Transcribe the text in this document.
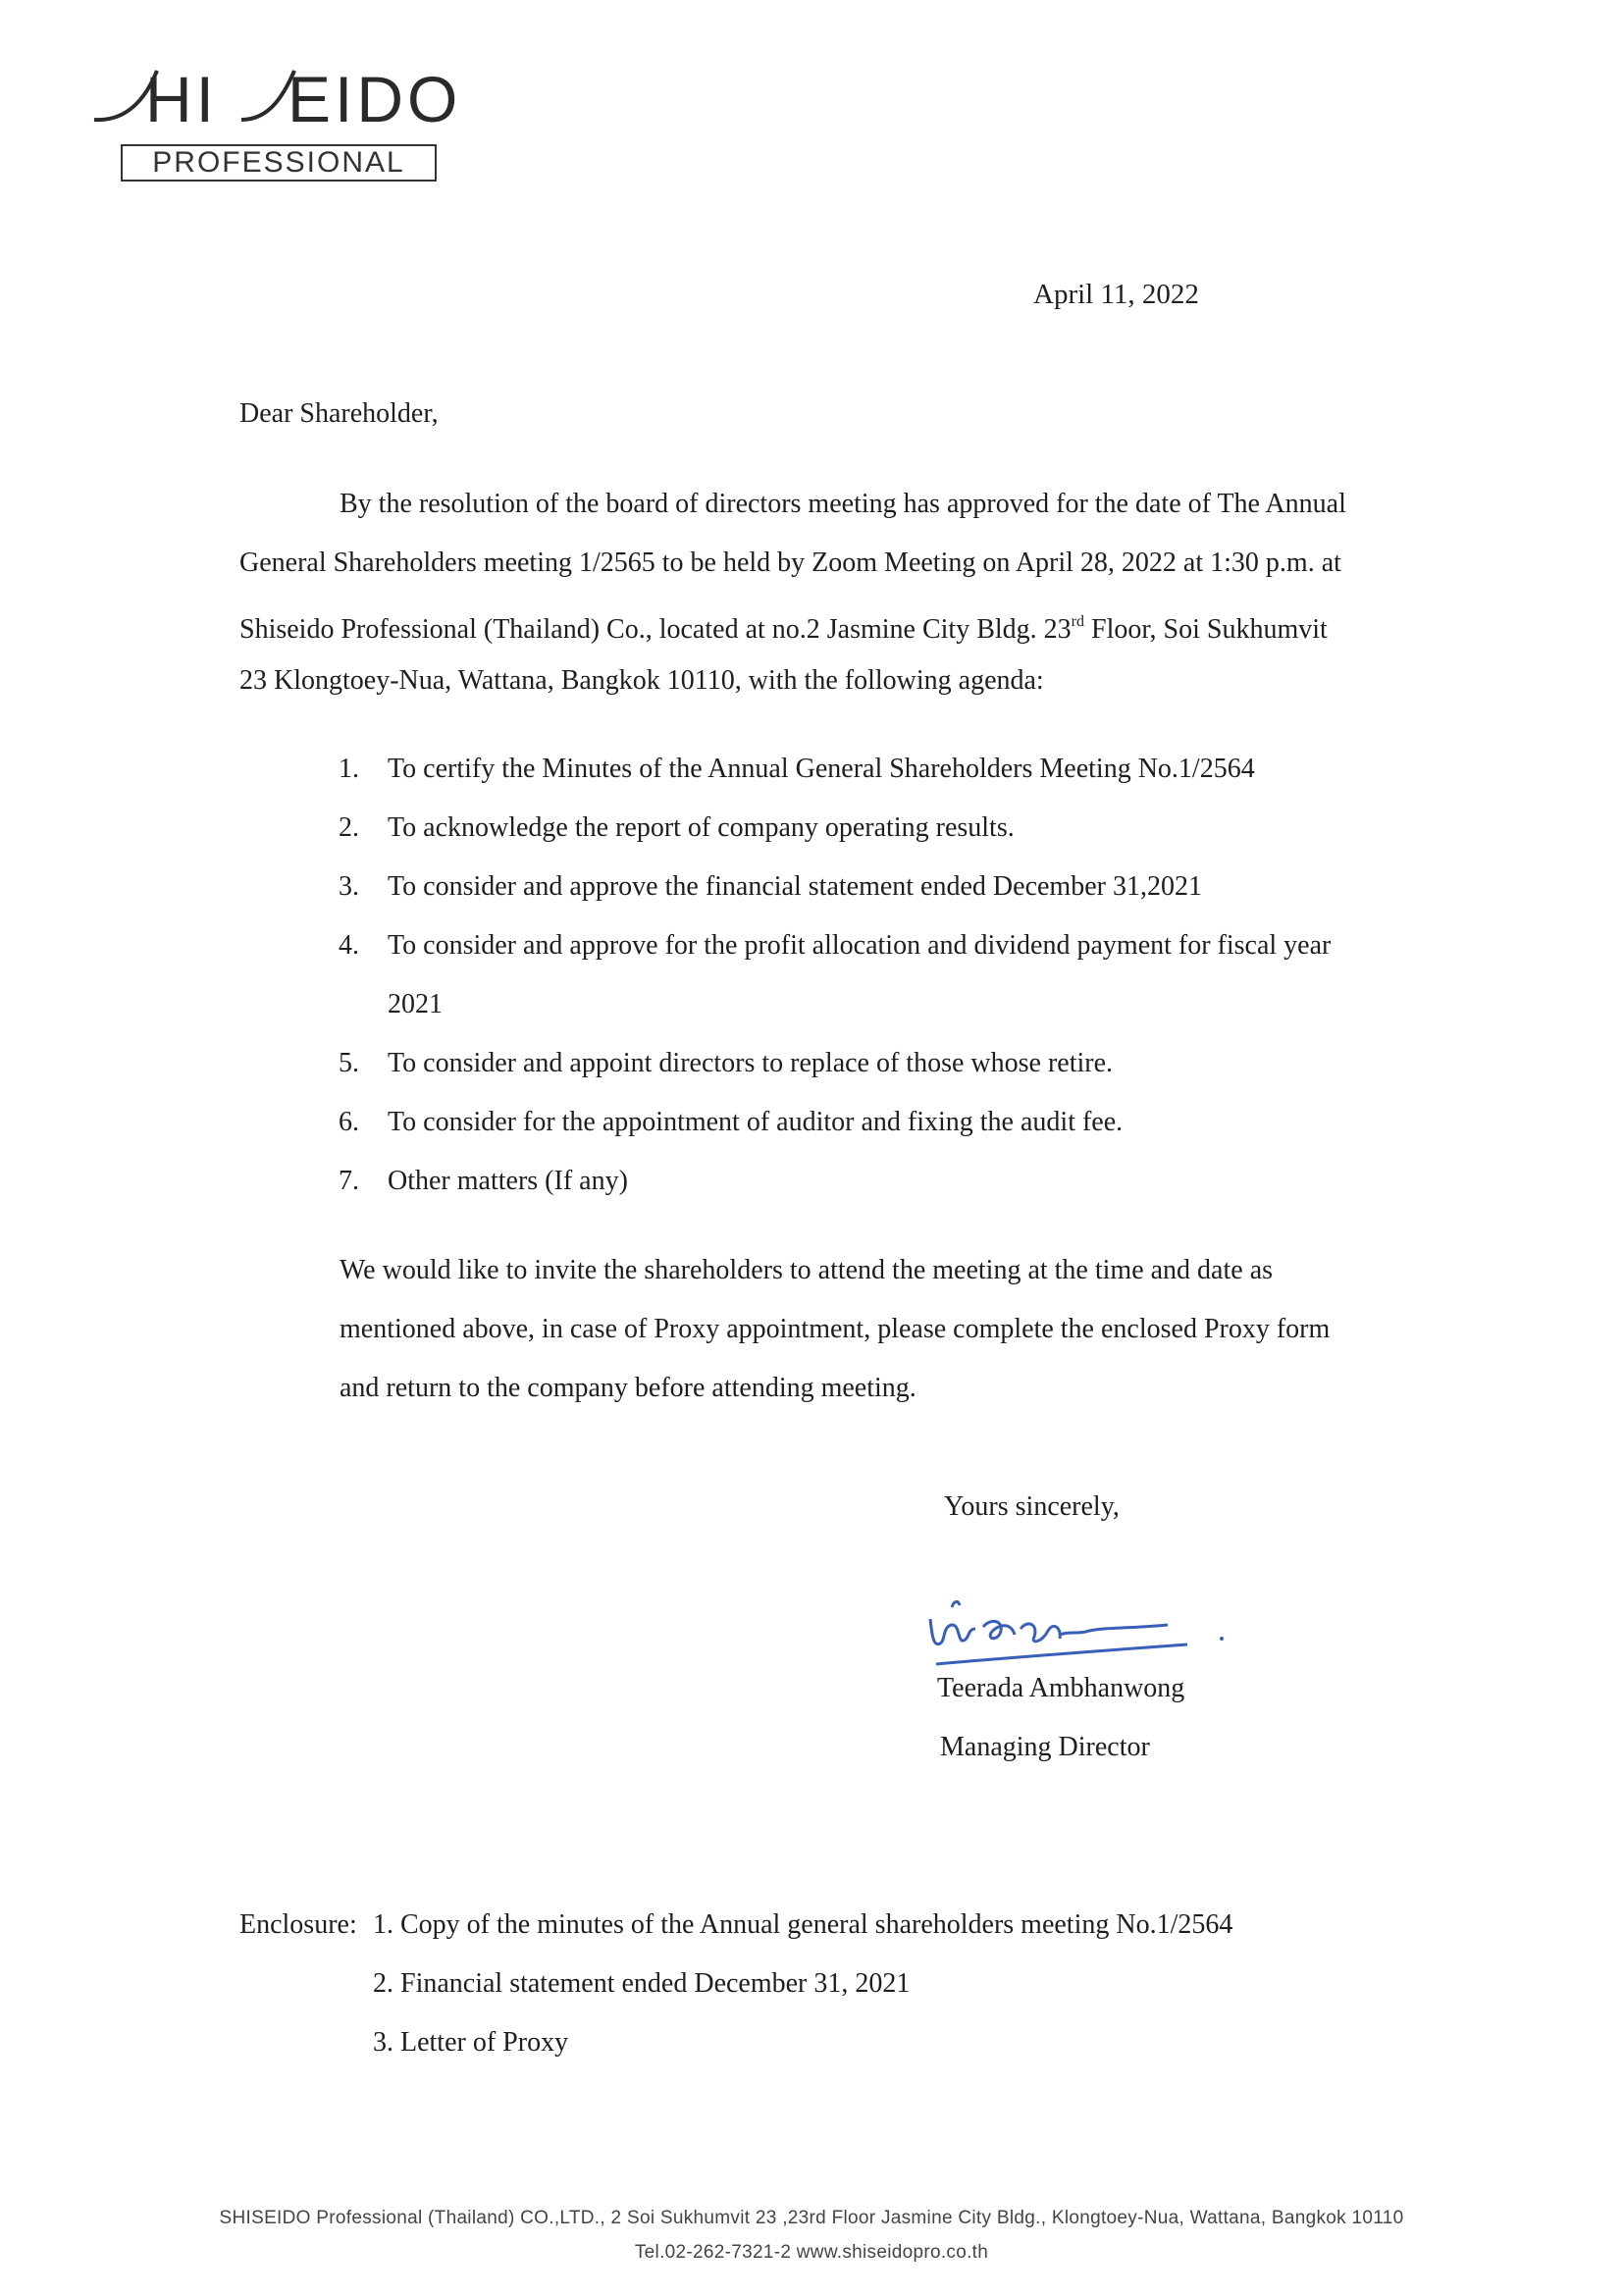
HI EIDO
PROFESSIONAL
April 11, 2022
Dear Shareholder,
By the resolution of the board of directors meeting has approved for the date of The Annual
General Shareholders meeting 1/2565 to be held by Zoom Meeting on April 28, 2022 at 1:30 p.m. at
Shiseido Professional (Thailand) Co., located at no.2 Jasmine City Bldg. 23rd Floor, Soi Sukhumvit
23 Klongtoey-Nua, Wattana, Bangkok 10110, with the following agenda:
1.	To certify the Minutes of the Annual General Shareholders Meeting No.1/2564
2.	To acknowledge the report of company operating results.
3.	To consider and approve the financial statement ended December 31,2021
4.	To consider and approve for the profit allocation and dividend payment for fiscal year
2021
5.	To consider and appoint directors to replace of those whose retire.
6.	To consider for the appointment of auditor and fixing the audit fee.
7.	Other matters (If any)
We would like to invite the shareholders to attend the meeting at the time and date as
mentioned above, in case of Proxy appointment, please complete the enclosed Proxy form
and return to the company before attending meeting.
Yours sincerely,
Teerada Ambhanwong
Managing Director
Enclosure: 1. Copy of the minutes of the Annual general shareholders meeting No.1/2564
2. Financial statement ended December 31, 2021
3. Letter of Proxy
SHISEIDO Professional (Thailand) CO.,LTD., 2 Soi Sukhumvit 23 ,23rd Floor Jasmine City Bldg., Klongtoey-Nua, Wattana, Bangkok 10110
Tel.02-262-7321-2 www.shiseidopro.co.th
